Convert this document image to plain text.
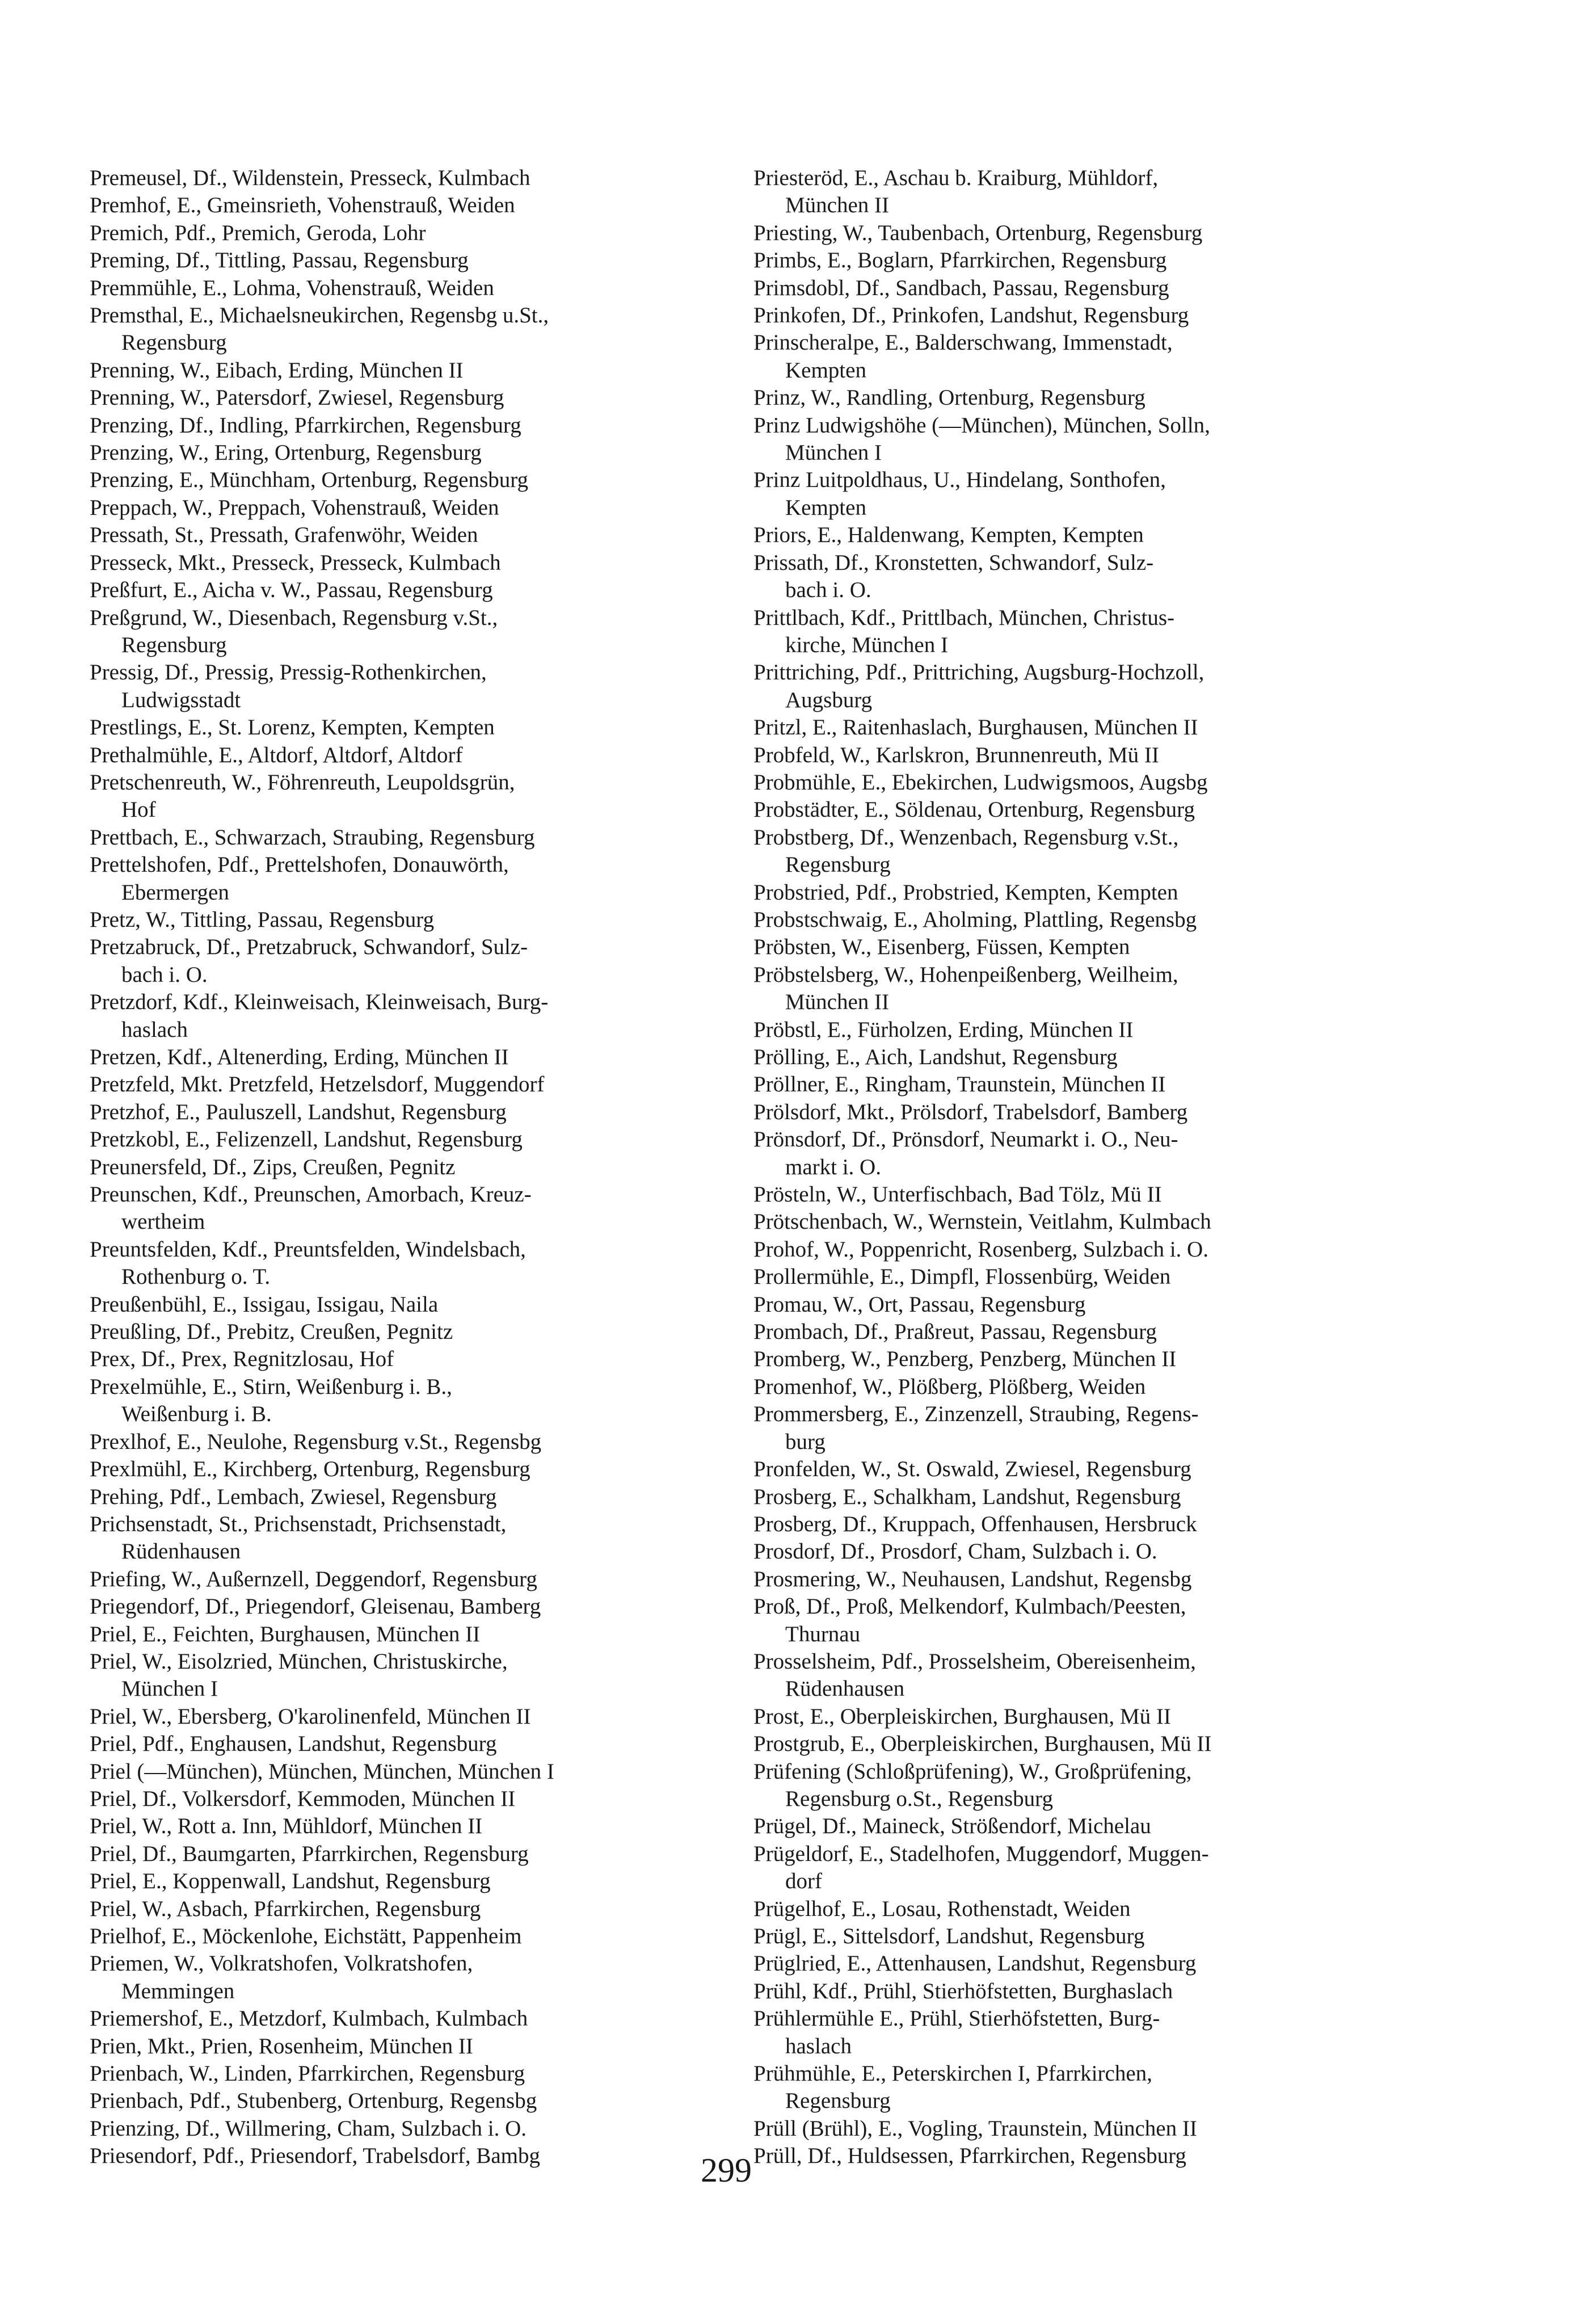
Premeusel, Df., Wildenstein, Presseck, Kulmbach
Premhof, E., Gmeinsrieth, Vohenstrauß, Weiden
Premich, Pdf., Premich, Geroda, Lohr
Preming, Df., Tittling, Passau, Regensburg
Premmühle, E., Lohma, Vohenstrauß, Weiden
Premsthal, E., Michaelsneukirchen, Regensbg u.St.,
Regensburg
Prenning, W., Eibach, Erding, München II
Prenning, W., Patersdorf, Zwiesel, Regensburg
Prenzing, Df., Indling, Pfarrkirchen, Regensburg
Prenzing, W., Ering, Ortenburg, Regensburg
Prenzing, E., Münchham, Ortenburg, Regensburg
Preppach, W., Preppach, Vohenstrauß, Weiden
Pressath, St., Pressath, Grafenwöhr, Weiden
Presseck, Mkt., Presseck, Presseck, Kulmbach
Preßfurt, E., Aicha v. W., Passau, Regensburg
Preßgrund, W., Diesenbach, Regensburg v.St.,
Regensburg
Pressig, Df., Pressig, Pressig-Rothenkirchen,
Ludwigsstadt
Prestlings, E., St. Lorenz, Kempten, Kempten
Prethalmühle, E., Altdorf, Altdorf, Altdorf
Pretschenreuth, W., Föhrenreuth, Leupoldsgrün,
Hof
Prettbach, E., Schwarzach, Straubing, Regensburg
Prettelshofen, Pdf., Prettelshofen, Donauwörth,
Ebermergen
Pretz, W., Tittling, Passau, Regensburg
Pretzabruck, Df., Pretzabruck, Schwandorf, Sulz-
bach i. O.
Pretzdorf, Kdf., Kleinweisach, Kleinweisach, Burg-
haslach
Pretzen, Kdf., Altenerding, Erding, München II
Pretzfeld, Mkt. Pretzfeld, Hetzelsdorf, Muggendorf
Pretzhof, E., Pauluszell, Landshut, Regensburg
Pretzkobl, E., Felizenzell, Landshut, Regensburg
Preunersfeld, Df., Zips, Creußen, Pegnitz
Preunschen, Kdf., Preunschen, Amorbach, Kreuz-
wertheim
Preuntsfelden, Kdf., Preuntsfelden, Windelsbach,
Rothenburg o. T.
Preußenbühl, E., Issigau, Issigau, Naila
Preußling, Df., Prebitz, Creußen, Pegnitz
Prex, Df., Prex, Regnitzlosau, Hof
Prexelmühle, E., Stirn, Weißenburg i. B.,
Weißenburg i. B.
Prexlhof, E., Neulohe, Regensburg v.St., Regensbg
Prexlmühl, E., Kirchberg, Ortenburg, Regensburg
Prehing, Pdf., Lembach, Zwiesel, Regensburg
Prichsenstadt, St., Prichsenstadt, Prichsenstadt,
Rüdenhausen
Priefing, W., Außernzell, Deggendorf, Regensburg
Priegendorf, Df., Priegendorf, Gleisenau, Bamberg
Priel, E., Feichten, Burghausen, München II
Priel, W., Eisolzried, München, Christuskirche,
München I
Priel, W., Ebersberg, O'karolinenfeld, München II
Priel, Pdf., Enghausen, Landshut, Regensburg
Priel (—München), München, München, München I
Priel, Df., Volkersdorf, Kemmoden, München II
Priel, W., Rott a. Inn, Mühldorf, München II
Priel, Df., Baumgarten, Pfarrkirchen, Regensburg
Priel, E., Koppenwall, Landshut, Regensburg
Priel, W., Asbach, Pfarrkirchen, Regensburg
Prielhof, E., Möckenlohe, Eichstätt, Pappenheim
Priemen, W., Volkratshofen, Volkratshofen,
Memmingen
Priemershof, E., Metzdorf, Kulmbach, Kulmbach
Prien, Mkt., Prien, Rosenheim, München II
Prienbach, W., Linden, Pfarrkirchen, Regensburg
Prienbach, Pdf., Stubenberg, Ortenburg, Regensbg
Prienzing, Df., Willmering, Cham, Sulzbach i. O.
Priesendorf, Pdf., Priesendorf, Trabelsdorf, Bambg
Priesteröd, E., Aschau b. Kraiburg, Mühldorf,
München II
Priesting, W., Taubenbach, Ortenburg, Regensburg
Primbs, E., Boglarn, Pfarrkirchen, Regensburg
Primsdobl, Df., Sandbach, Passau, Regensburg
Prinkofen, Df., Prinkofen, Landshut, Regensburg
Prinscheralpe, E., Balderschwang, Immenstadt,
Kempten
Prinz, W., Randling, Ortenburg, Regensburg
Prinz Ludwigshöhe (—München), München, Solln,
München I
Prinz Luitpoldhaus, U., Hindelang, Sonthofen,
Kempten
Priors, E., Haldenwang, Kempten, Kempten
Prissath, Df., Kronstetten, Schwandorf, Sulz-
bach i. O.
Prittlbach, Kdf., Prittlbach, München, Christus-
kirche, München I
Prittriching, Pdf., Prittriching, Augsburg-Hochzoll,
Augsburg
Pritzl, E., Raitenhaslach, Burghausen, München II
Probfeld, W., Karlskron, Brunnenreuth, Mü II
Probmühle, E., Ebekirchen, Ludwigsmoos, Augsbg
Probstädter, E., Söldenau, Ortenburg, Regensburg
Probstberg, Df., Wenzenbach, Regensburg v.St.,
Regensburg
Probstried, Pdf., Probstried, Kempten, Kempten
Probstschwaig, E., Aholming, Plattling, Regensbg
Pröbsten, W., Eisenberg, Füssen, Kempten
Pröbstelsberg, W., Hohenpeißenberg, Weilheim,
München II
Pröbstl, E., Fürholzen, Erding, München II
Prölling, E., Aich, Landshut, Regensburg
Pröllner, E., Ringham, Traunstein, München II
Prölsdorf, Mkt., Prölsdorf, Trabelsdorf, Bamberg
Prönsdorf, Df., Prönsdorf, Neumarkt i. O., Neu-
markt i. O.
Prösteln, W., Unterfischbach, Bad Tölz, Mü II
Prötschenbach, W., Wernstein, Veitlahm, Kulmbach
Prohof, W., Poppenricht, Rosenberg, Sulzbach i. O.
Prollermühle, E., Dimpfl, Flossenbürg, Weiden
Promau, W., Ort, Passau, Regensburg
Prombach, Df., Praßreut, Passau, Regensburg
Promberg, W., Penzberg, Penzberg, München II
Promenhof, W., Plößberg, Plößberg, Weiden
Prommersberg, E., Zinzenzell, Straubing, Regens-
burg
Pronfelden, W., St. Oswald, Zwiesel, Regensburg
Prosberg, E., Schalkham, Landshut, Regensburg
Prosberg, Df., Kruppach, Offenhausen, Hersbruck
Prosdorf, Df., Prosdorf, Cham, Sulzbach i. O.
Prosmering, W., Neuhausen, Landshut, Regensbg
Proß, Df., Proß, Melkendorf, Kulmbach/Peesten,
Thurnau
Prosselsheim, Pdf., Prosselsheim, Obereisenheim,
Rüdenhausen
Prost, E., Oberpleiskirchen, Burghausen, Mü II
Prostgrub, E., Oberpleiskirchen, Burghausen, Mü II
Prüfening (Schloßprüfening), W., Großprüfening,
Regensburg o.St., Regensburg
Prügel, Df., Maineck, Strößendorf, Michelau
Prügeldorf, E., Stadelhofen, Muggendorf, Muggen-
dorf
Prügelhof, E., Losau, Rothenstadt, Weiden
Prügl, E., Sittelsdorf, Landshut, Regensburg
Prüglried, E., Attenhausen, Landshut, Regensburg
Prühl, Kdf., Prühl, Stierhöfstetten, Burghaslach
Prühlermühle E., Prühl, Stierhöfstetten, Burg-
haslach
Prühmühle, E., Peterskirchen I, Pfarrkirchen,
Regensburg
Prüll (Brühl), E., Vogling, Traunstein, München II
Prüll, Df., Huldsessen, Pfarrkirchen, Regensburg
299
